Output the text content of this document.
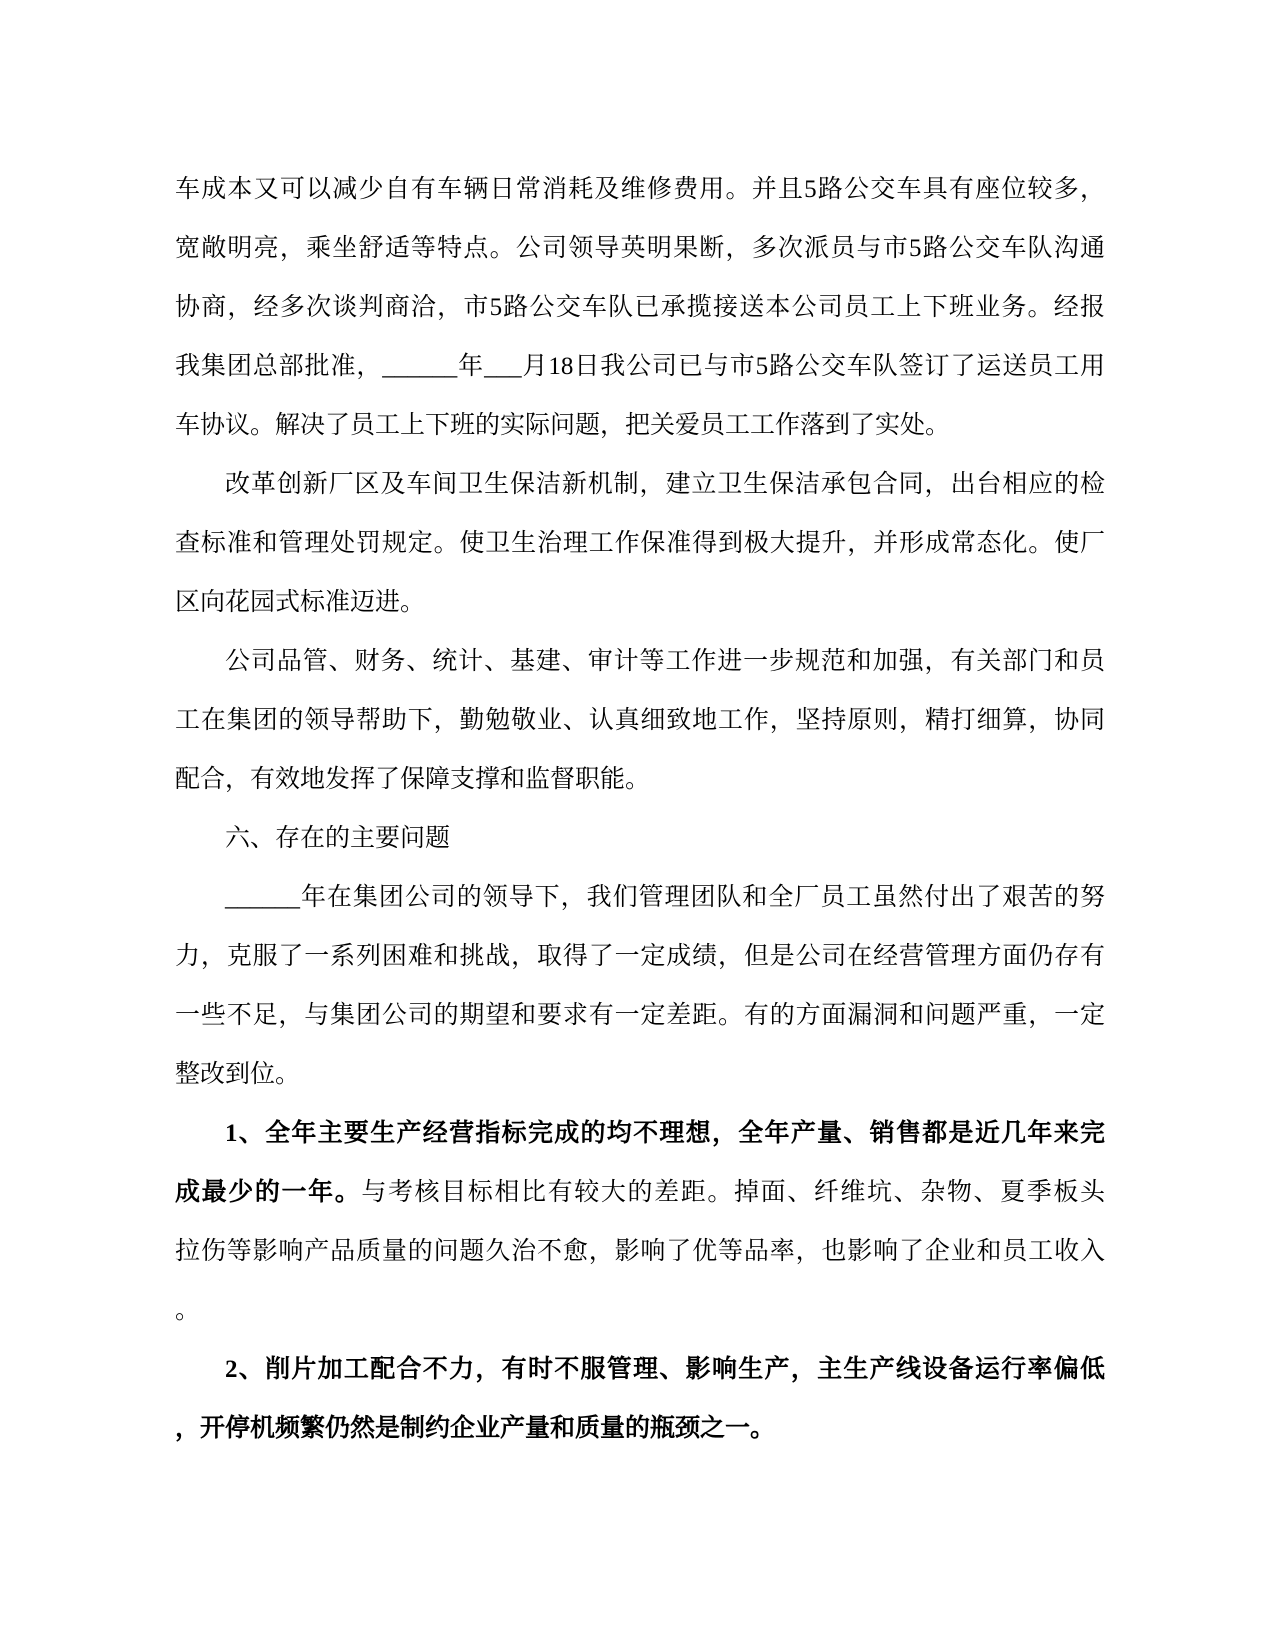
车成本又可以减少自有车辆日常消耗及维修费用。并且5路公交车具有座位较多，
宽敞明亮，乘坐舒适等特点。公司领导英明果断，多次派员与市5路公交车队沟通
协商，经多次谈判商洽，市5路公交车队已承揽接送本公司员工上下班业务。经报
我集团总部批准，______年___月18日我公司已与市5路公交车队签订了运送员工用
车协议。解决了员工上下班的实际问题，把关爱员工工作落到了实处。
改革创新厂区及车间卫生保洁新机制，建立卫生保洁承包合同，出台相应的检
查标准和管理处罚规定。使卫生治理工作保准得到极大提升，并形成常态化。使厂
区向花园式标准迈进。
公司品管、财务、统计、基建、审计等工作进一步规范和加强，有关部门和员
工在集团的领导帮助下，勤勉敬业、认真细致地工作，坚持原则，精打细算，协同
配合，有效地发挥了保障支撑和监督职能。
六、存在的主要问题
______年在集团公司的领导下，我们管理团队和全厂员工虽然付出了艰苦的努
力，克服了一系列困难和挑战，取得了一定成绩，但是公司在经营管理方面仍存有
一些不足，与集团公司的期望和要求有一定差距。有的方面漏洞和问题严重，一定
整改到位。
1、全年主要生产经营指标完成的均不理想，全年产量、销售都是近几年来完
成最少的一年。与考核目标相比有较大的差距。掉面、纤维坑、杂物、夏季板头
拉伤等影响产品质量的问题久治不愈，影响了优等品率，也影响了企业和员工收入
。
2、削片加工配合不力，有时不服管理、影响生产，主生产线设备运行率偏低
，开停机频繁仍然是制约企业产量和质量的瓶颈之一。
